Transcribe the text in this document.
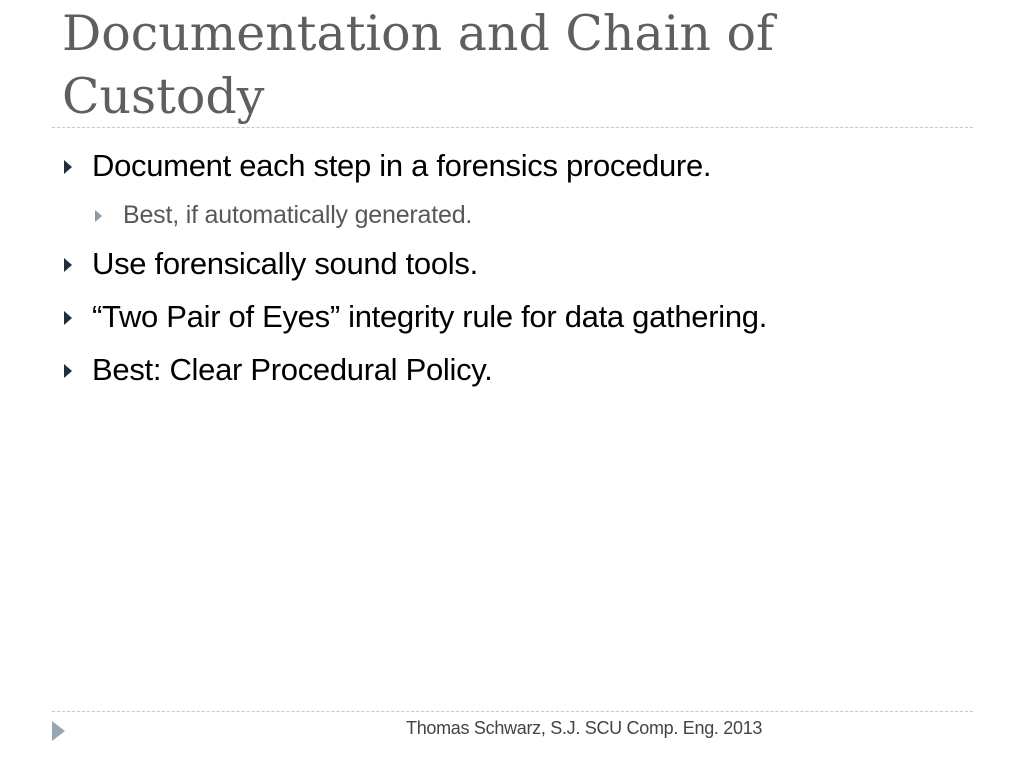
Documentation and Chain of
Custody
Document each step in a forensics procedure.
Best, if automatically generated.
Use forensically sound tools.
“Two Pair of Eyes” integrity rule for data gathering.
Best: Clear Procedural Policy.
Thomas Schwarz, S.J. SCU Comp. Eng. 2013
